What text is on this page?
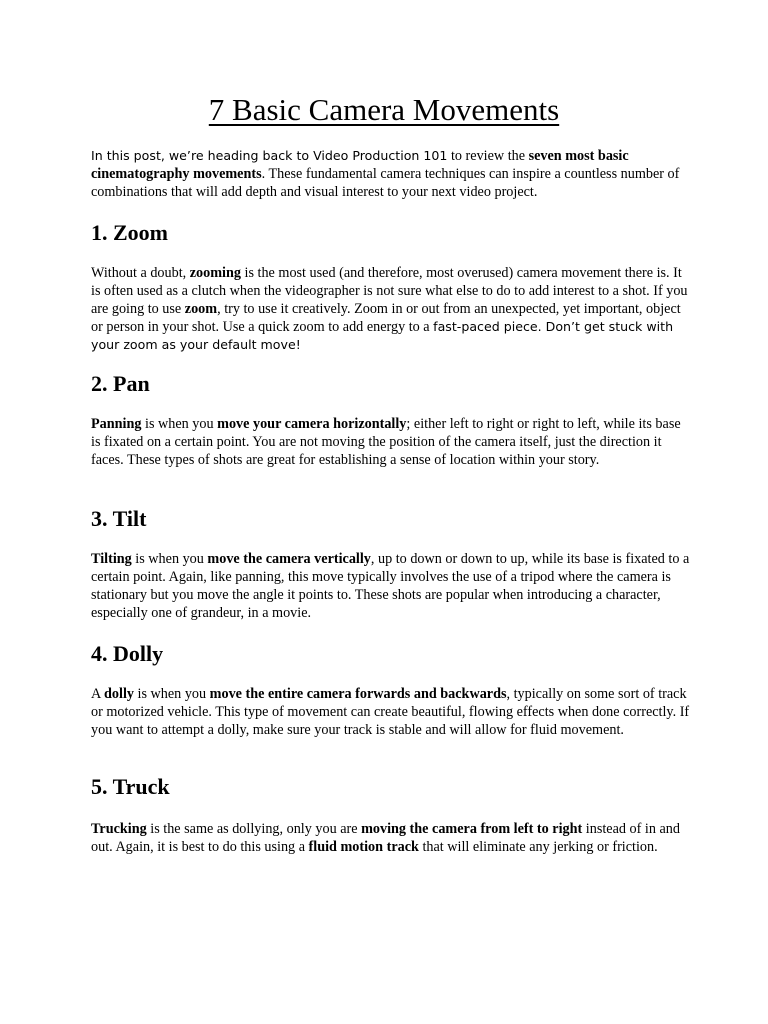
7 Basic Camera Movements

In this post, we’re heading back to Video Production 101 to review the seven most basic cinematography movements. These fundamental camera techniques can inspire a countless number of combinations that will add depth and visual interest to your next video project.

1. Zoom

Without a doubt, zooming is the most used (and therefore, most overused) camera movement there is. It is often used as a clutch when the videographer is not sure what else to do to add interest to a shot. If you are going to use zoom, try to use it creatively. Zoom in or out from an unexpected, yet important, object or person in your shot. Use a quick zoom to add energy to a fast-paced piece. Don’t get stuck with your zoom as your default move!

2. Pan

Panning is when you move your camera horizontally; either left to right or right to left, while its base is fixated on a certain point. You are not moving the position of the camera itself, just the direction it faces. These types of shots are great for establishing a sense of location within your story.

3. Tilt

Tilting is when you move the camera vertically, up to down or down to up, while its base is fixated to a certain point. Again, like panning, this move typically involves the use of a tripod where the camera is stationary but you move the angle it points to. These shots are popular when introducing a character, especially one of grandeur, in a movie.

4. Dolly

A dolly is when you move the entire camera forwards and backwards, typically on some sort of track or motorized vehicle. This type of movement can create beautiful, flowing effects when done correctly. If you want to attempt a dolly, make sure your track is stable and will allow for fluid movement.

5. Truck

Trucking is the same as dollying, only you are moving the camera from left to right instead of in and out. Again, it is best to do this using a fluid motion track that will eliminate any jerking or friction.
